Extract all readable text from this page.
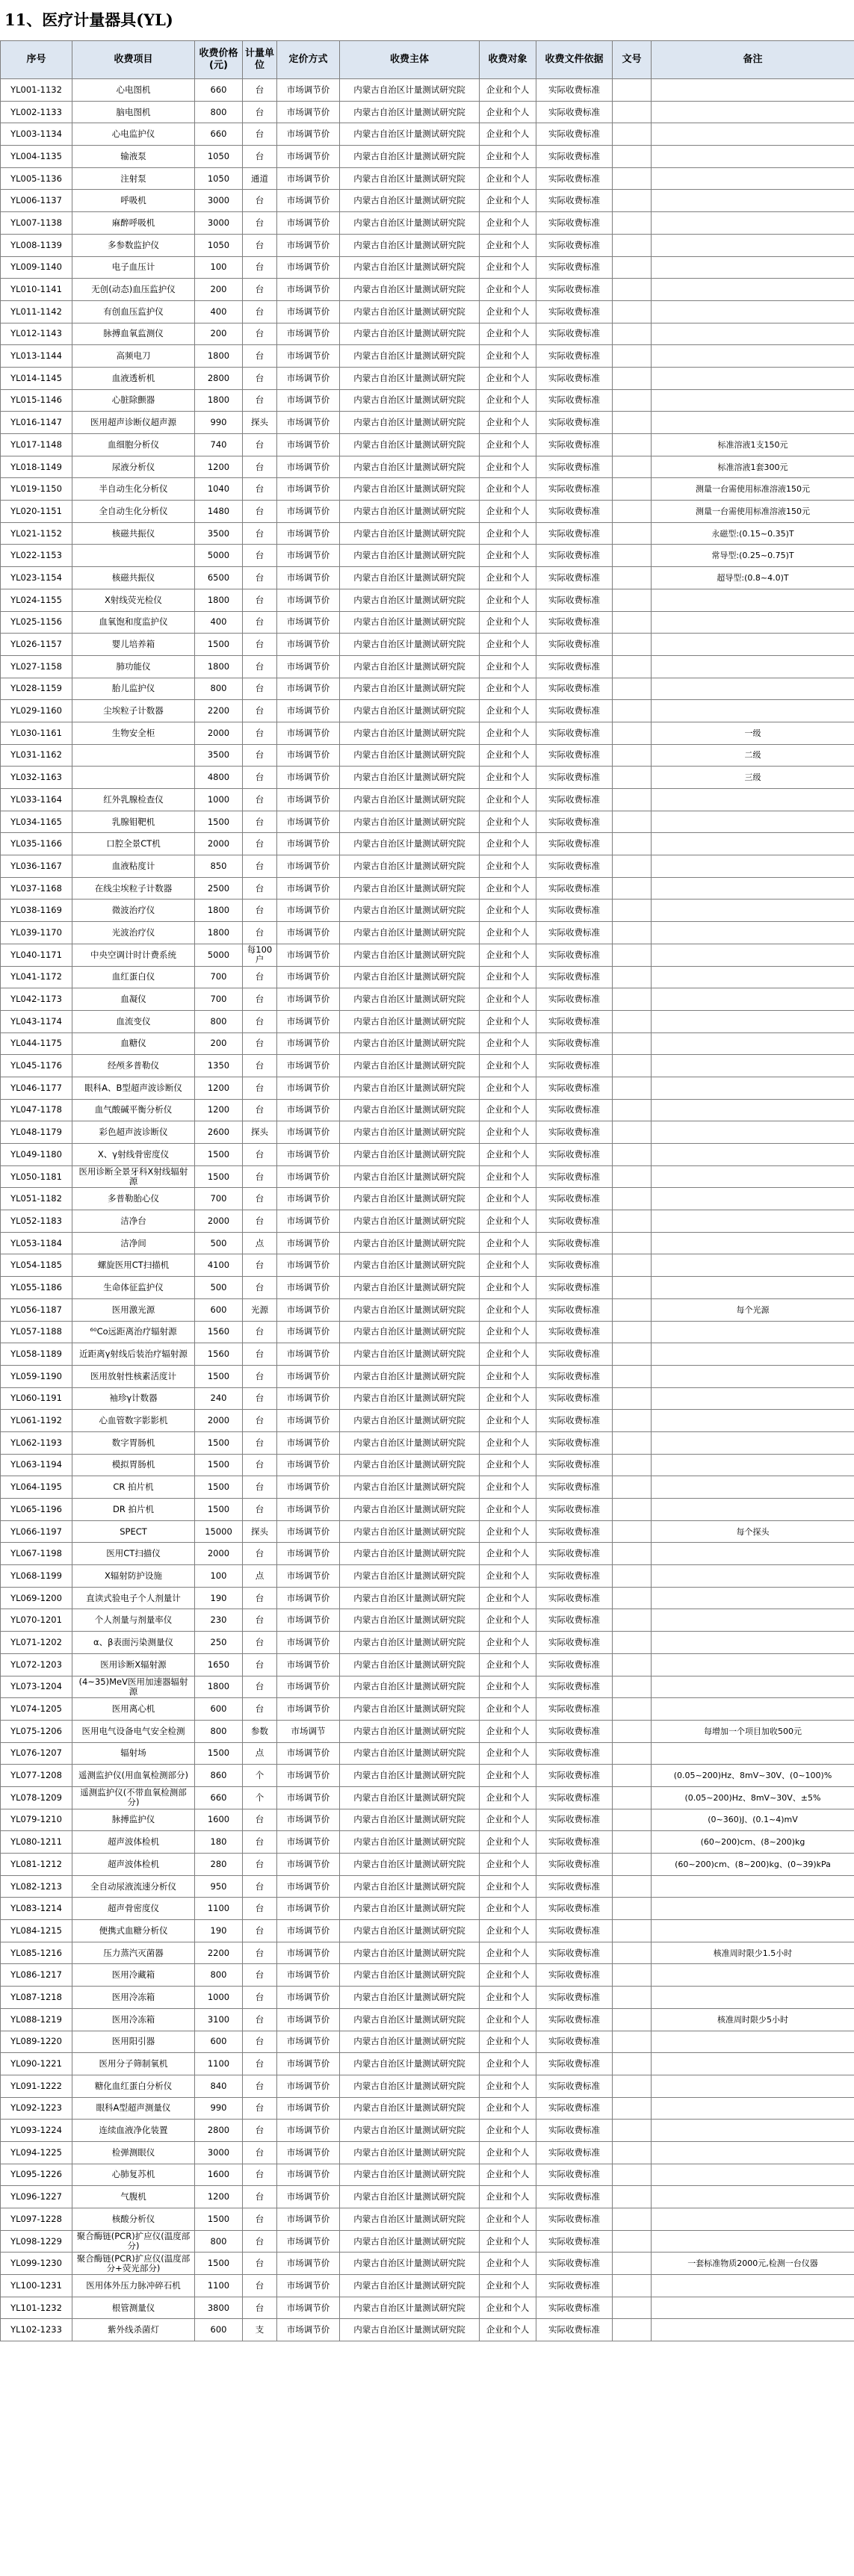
11、医疗计量器具(YL)
序号	收费项目	收费价格(元)	计量单位	定价方式	收费主体	收费对象	收费文件依据	文号	备注
YL001-1132	心电图机	660	台	市场调节价	内蒙古自治区计量测试研究院	企业和个人	实际收费标准		
YL002-1133	脑电图机	800	台	市场调节价	内蒙古自治区计量测试研究院	企业和个人	实际收费标准		
YL003-1134	心电监护仪	660	台	市场调节价	内蒙古自治区计量测试研究院	企业和个人	实际收费标准		
YL004-1135	输液泵	1050	台	市场调节价	内蒙古自治区计量测试研究院	企业和个人	实际收费标准		
YL005-1136	注射泵	1050	通道	市场调节价	内蒙古自治区计量测试研究院	企业和个人	实际收费标准		
YL006-1137	呼吸机	3000	台	市场调节价	内蒙古自治区计量测试研究院	企业和个人	实际收费标准		
YL007-1138	麻醉呼吸机	3000	台	市场调节价	内蒙古自治区计量测试研究院	企业和个人	实际收费标准		
YL008-1139	多参数监护仪	1050	台	市场调节价	内蒙古自治区计量测试研究院	企业和个人	实际收费标准		
YL009-1140	电子血压计	100	台	市场调节价	内蒙古自治区计量测试研究院	企业和个人	实际收费标准		
YL010-1141	无创(动态)血压监护仪	200	台	市场调节价	内蒙古自治区计量测试研究院	企业和个人	实际收费标准		
YL011-1142	有创血压监护仪	400	台	市场调节价	内蒙古自治区计量测试研究院	企业和个人	实际收费标准		
YL012-1143	脉搏血氧监测仪	200	台	市场调节价	内蒙古自治区计量测试研究院	企业和个人	实际收费标准		
YL013-1144	高频电刀	1800	台	市场调节价	内蒙古自治区计量测试研究院	企业和个人	实际收费标准		
YL014-1145	血液透析机	2800	台	市场调节价	内蒙古自治区计量测试研究院	企业和个人	实际收费标准		
YL015-1146	心脏除颤器	1800	台	市场调节价	内蒙古自治区计量测试研究院	企业和个人	实际收费标准		
YL016-1147	医用超声诊断仪超声源	990	探头	市场调节价	内蒙古自治区计量测试研究院	企业和个人	实际收费标准		
YL017-1148	血细胞分析仪	740	台	市场调节价	内蒙古自治区计量测试研究院	企业和个人	实际收费标准		标准溶液1支150元
YL018-1149	尿液分析仪	1200	台	市场调节价	内蒙古自治区计量测试研究院	企业和个人	实际收费标准		标准溶液1套300元
YL019-1150	半自动生化分析仪	1040	台	市场调节价	内蒙古自治区计量测试研究院	企业和个人	实际收费标准		测量一台需使用标准溶液150元
YL020-1151	全自动生化分析仪	1480	台	市场调节价	内蒙古自治区计量测试研究院	企业和个人	实际收费标准		测量一台需使用标准溶液150元
YL021-1152	核磁共振仪	3500	台	市场调节价	内蒙古自治区计量测试研究院	企业和个人	实际收费标准		永磁型:(0.15~0.35)T
YL022-1153		5000	台	市场调节价	内蒙古自治区计量测试研究院	企业和个人	实际收费标准		常导型:(0.25~0.75)T
YL023-1154	核磁共振仪	6500	台	市场调节价	内蒙古自治区计量测试研究院	企业和个人	实际收费标准		超导型:(0.8~4.0)T
YL024-1155	X射线荧光检仪	1800	台	市场调节价	内蒙古自治区计量测试研究院	企业和个人	实际收费标准		
YL025-1156	血氧饱和度监护仪	400	台	市场调节价	内蒙古自治区计量测试研究院	企业和个人	实际收费标准		
YL026-1157	婴儿培养箱	1500	台	市场调节价	内蒙古自治区计量测试研究院	企业和个人	实际收费标准		
YL027-1158	肺功能仪	1800	台	市场调节价	内蒙古自治区计量测试研究院	企业和个人	实际收费标准		
YL028-1159	胎儿监护仪	800	台	市场调节价	内蒙古自治区计量测试研究院	企业和个人	实际收费标准		
YL029-1160	尘埃粒子计数器	2200	台	市场调节价	内蒙古自治区计量测试研究院	企业和个人	实际收费标准		
YL030-1161	生物安全柜	2000	台	市场调节价	内蒙古自治区计量测试研究院	企业和个人	实际收费标准		一级
YL031-1162		3500	台	市场调节价	内蒙古自治区计量测试研究院	企业和个人	实际收费标准		二级
YL032-1163		4800	台	市场调节价	内蒙古自治区计量测试研究院	企业和个人	实际收费标准		三级
YL033-1164	红外乳腺检查仪	1000	台	市场调节价	内蒙古自治区计量测试研究院	企业和个人	实际收费标准		
YL034-1165	乳腺钼靶机	1500	台	市场调节价	内蒙古自治区计量测试研究院	企业和个人	实际收费标准		
YL035-1166	口腔全景CT机	2000	台	市场调节价	内蒙古自治区计量测试研究院	企业和个人	实际收费标准		
YL036-1167	血液粘度计	850	台	市场调节价	内蒙古自治区计量测试研究院	企业和个人	实际收费标准		
YL037-1168	在线尘埃粒子计数器	2500	台	市场调节价	内蒙古自治区计量测试研究院	企业和个人	实际收费标准		
YL038-1169	微波治疗仪	1800	台	市场调节价	内蒙古自治区计量测试研究院	企业和个人	实际收费标准		
YL039-1170	光波治疗仪	1800	台	市场调节价	内蒙古自治区计量测试研究院	企业和个人	实际收费标准		
YL040-1171	中央空调计时计费系统	5000	每100户	市场调节价	内蒙古自治区计量测试研究院	企业和个人	实际收费标准		
YL041-1172	血红蛋白仪	700	台	市场调节价	内蒙古自治区计量测试研究院	企业和个人	实际收费标准		
YL042-1173	血凝仪	700	台	市场调节价	内蒙古自治区计量测试研究院	企业和个人	实际收费标准		
YL043-1174	血流变仪	800	台	市场调节价	内蒙古自治区计量测试研究院	企业和个人	实际收费标准		
YL044-1175	血糖仪	200	台	市场调节价	内蒙古自治区计量测试研究院	企业和个人	实际收费标准		
YL045-1176	经颅多普勒仪	1350	台	市场调节价	内蒙古自治区计量测试研究院	企业和个人	实际收费标准		
YL046-1177	眼科A、B型超声波诊断仪	1200	台	市场调节价	内蒙古自治区计量测试研究院	企业和个人	实际收费标准		
YL047-1178	血气酸碱平衡分析仪	1200	台	市场调节价	内蒙古自治区计量测试研究院	企业和个人	实际收费标准		
YL048-1179	彩色超声波诊断仪	2600	探头	市场调节价	内蒙古自治区计量测试研究院	企业和个人	实际收费标准		
YL049-1180	X、γ射线骨密度仪	1500	台	市场调节价	内蒙古自治区计量测试研究院	企业和个人	实际收费标准		
YL050-1181	医用诊断全景牙科X射线辐射源	1500	台	市场调节价	内蒙古自治区计量测试研究院	企业和个人	实际收费标准		
YL051-1182	多普勒胎心仪	700	台	市场调节价	内蒙古自治区计量测试研究院	企业和个人	实际收费标准		
YL052-1183	洁净台	2000	台	市场调节价	内蒙古自治区计量测试研究院	企业和个人	实际收费标准		
YL053-1184	洁净间	500	点	市场调节价	内蒙古自治区计量测试研究院	企业和个人	实际收费标准		
YL054-1185	螺旋医用CT扫描机	4100	台	市场调节价	内蒙古自治区计量测试研究院	企业和个人	实际收费标准		
YL055-1186	生命体征监护仪	500	台	市场调节价	内蒙古自治区计量测试研究院	企业和个人	实际收费标准		
YL056-1187	医用激光源	600	光源	市场调节价	内蒙古自治区计量测试研究院	企业和个人	实际收费标准		每个光源
YL057-1188	⁶⁰Co远距离治疗辐射源	1560	台	市场调节价	内蒙古自治区计量测试研究院	企业和个人	实际收费标准		
YL058-1189	近距离γ射线后装治疗辐射源	1560	台	市场调节价	内蒙古自治区计量测试研究院	企业和个人	实际收费标准		
YL059-1190	医用放射性核素活度计	1500	台	市场调节价	内蒙古自治区计量测试研究院	企业和个人	实际收费标准		
YL060-1191	袖珍γ计数器	240	台	市场调节价	内蒙古自治区计量测试研究院	企业和个人	实际收费标准		
YL061-1192	心血管数字影影机	2000	台	市场调节价	内蒙古自治区计量测试研究院	企业和个人	实际收费标准		
YL062-1193	数字胃肠机	1500	台	市场调节价	内蒙古自治区计量测试研究院	企业和个人	实际收费标准		
YL063-1194	模拟胃肠机	1500	台	市场调节价	内蒙古自治区计量测试研究院	企业和个人	实际收费标准		
YL064-1195	CR 拍片机	1500	台	市场调节价	内蒙古自治区计量测试研究院	企业和个人	实际收费标准		
YL065-1196	DR 拍片机	1500	台	市场调节价	内蒙古自治区计量测试研究院	企业和个人	实际收费标准		
YL066-1197	SPECT	15000	探头	市场调节价	内蒙古自治区计量测试研究院	企业和个人	实际收费标准		每个探头
YL067-1198	医用CT扫描仪	2000	台	市场调节价	内蒙古自治区计量测试研究院	企业和个人	实际收费标准		
YL068-1199	X辐射防护设施	100	点	市场调节价	内蒙古自治区计量测试研究院	企业和个人	实际收费标准		
YL069-1200	直读式验电子个人剂量计	190	台	市场调节价	内蒙古自治区计量测试研究院	企业和个人	实际收费标准		
YL070-1201	个人剂量与剂量率仪	230	台	市场调节价	内蒙古自治区计量测试研究院	企业和个人	实际收费标准		
YL071-1202	α、β表面污染测量仪	250	台	市场调节价	内蒙古自治区计量测试研究院	企业和个人	实际收费标准		
YL072-1203	医用诊断X辐射源	1650	台	市场调节价	内蒙古自治区计量测试研究院	企业和个人	实际收费标准		
YL073-1204	(4~35)MeV医用加速器辐射源	1800	台	市场调节价	内蒙古自治区计量测试研究院	企业和个人	实际收费标准		
YL074-1205	医用离心机	600	台	市场调节价	内蒙古自治区计量测试研究院	企业和个人	实际收费标准		
YL075-1206	医用电气设备电气安全检测	800	参数	市场调节	内蒙古自治区计量测试研究院	企业和个人	实际收费标准		每增加一个项目加收500元
YL076-1207	辐射场	1500	点	市场调节价	内蒙古自治区计量测试研究院	企业和个人	实际收费标准		
YL077-1208	遥测监护仪(用血氧检测部分)	860	个	市场调节价	内蒙古自治区计量测试研究院	企业和个人	实际收费标准		(0.05~200)Hz、8mV~30V、(0~100)%
YL078-1209	遥测监护仪(不带血氧检测部分)	660	个	市场调节价	内蒙古自治区计量测试研究院	企业和个人	实际收费标准		(0.05~200)Hz、8mV~30V、±5%
YL079-1210	脉搏监护仪	1600	台	市场调节价	内蒙古自治区计量测试研究院	企业和个人	实际收费标准		(0~360)J、(0.1~4)mV
YL080-1211	超声波体检机	180	台	市场调节价	内蒙古自治区计量测试研究院	企业和个人	实际收费标准		(60~200)cm、(8~200)kg
YL081-1212	超声波体检机	280	台	市场调节价	内蒙古自治区计量测试研究院	企业和个人	实际收费标准		(60~200)cm、(8~200)kg、(0~39)kPa
YL082-1213	全自动尿液流速分析仪	950	台	市场调节价	内蒙古自治区计量测试研究院	企业和个人	实际收费标准		
YL083-1214	超声骨密度仪	1100	台	市场调节价	内蒙古自治区计量测试研究院	企业和个人	实际收费标准		
YL084-1215	便携式血糖分析仪	190	台	市场调节价	内蒙古自治区计量测试研究院	企业和个人	实际收费标准		
YL085-1216	压力蒸汽灭菌器	2200	台	市场调节价	内蒙古自治区计量测试研究院	企业和个人	实际收费标准		核准周时限少1.5小时
YL086-1217	医用冷藏箱	800	台	市场调节价	内蒙古自治区计量测试研究院	企业和个人	实际收费标准		
YL087-1218	医用冷冻箱	1000	台	市场调节价	内蒙古自治区计量测试研究院	企业和个人	实际收费标准		
YL088-1219	医用冷冻箱	3100	台	市场调节价	内蒙古自治区计量测试研究院	企业和个人	实际收费标准		核准周时限少5小时
YL089-1220	医用阳引器	600	台	市场调节价	内蒙古自治区计量测试研究院	企业和个人	实际收费标准		
YL090-1221	医用分子筛制氧机	1100	台	市场调节价	内蒙古自治区计量测试研究院	企业和个人	实际收费标准		
YL091-1222	糖化血红蛋白分析仪	840	台	市场调节价	内蒙古自治区计量测试研究院	企业和个人	实际收费标准		
YL092-1223	眼科A型超声测量仪	990	台	市场调节价	内蒙古自治区计量测试研究院	企业和个人	实际收费标准		
YL093-1224	连续血液净化装置	2800	台	市场调节价	内蒙古自治区计量测试研究院	企业和个人	实际收费标准		
YL094-1225	检弹测眼仪	3000	台	市场调节价	内蒙古自治区计量测试研究院	企业和个人	实际收费标准		
YL095-1226	心肺复苏机	1600	台	市场调节价	内蒙古自治区计量测试研究院	企业和个人	实际收费标准		
YL096-1227	气腹机	1200	台	市场调节价	内蒙古自治区计量测试研究院	企业和个人	实际收费标准		
YL097-1228	核酸分析仪	1500	台	市场调节价	内蒙古自治区计量测试研究院	企业和个人	实际收费标准		
YL098-1229	聚合酶链(PCR)扩应仪(温度部分)	800	台	市场调节价	内蒙古自治区计量测试研究院	企业和个人	实际收费标准		
YL099-1230	聚合酶链(PCR)扩应仪(温度部分+荧光部分)	1500	台	市场调节价	内蒙古自治区计量测试研究院	企业和个人	实际收费标准		一套标准物质2000元,检测一台仪器
YL100-1231	医用体外压力脉冲碎石机	1100	台	市场调节价	内蒙古自治区计量测试研究院	企业和个人	实际收费标准		
YL101-1232	根管测量仪	3800	台	市场调节价	内蒙古自治区计量测试研究院	企业和个人	实际收费标准		
YL102-1233	紫外线杀菌灯	600	支	市场调节价	内蒙古自治区计量测试研究院	企业和个人	实际收费标准		
